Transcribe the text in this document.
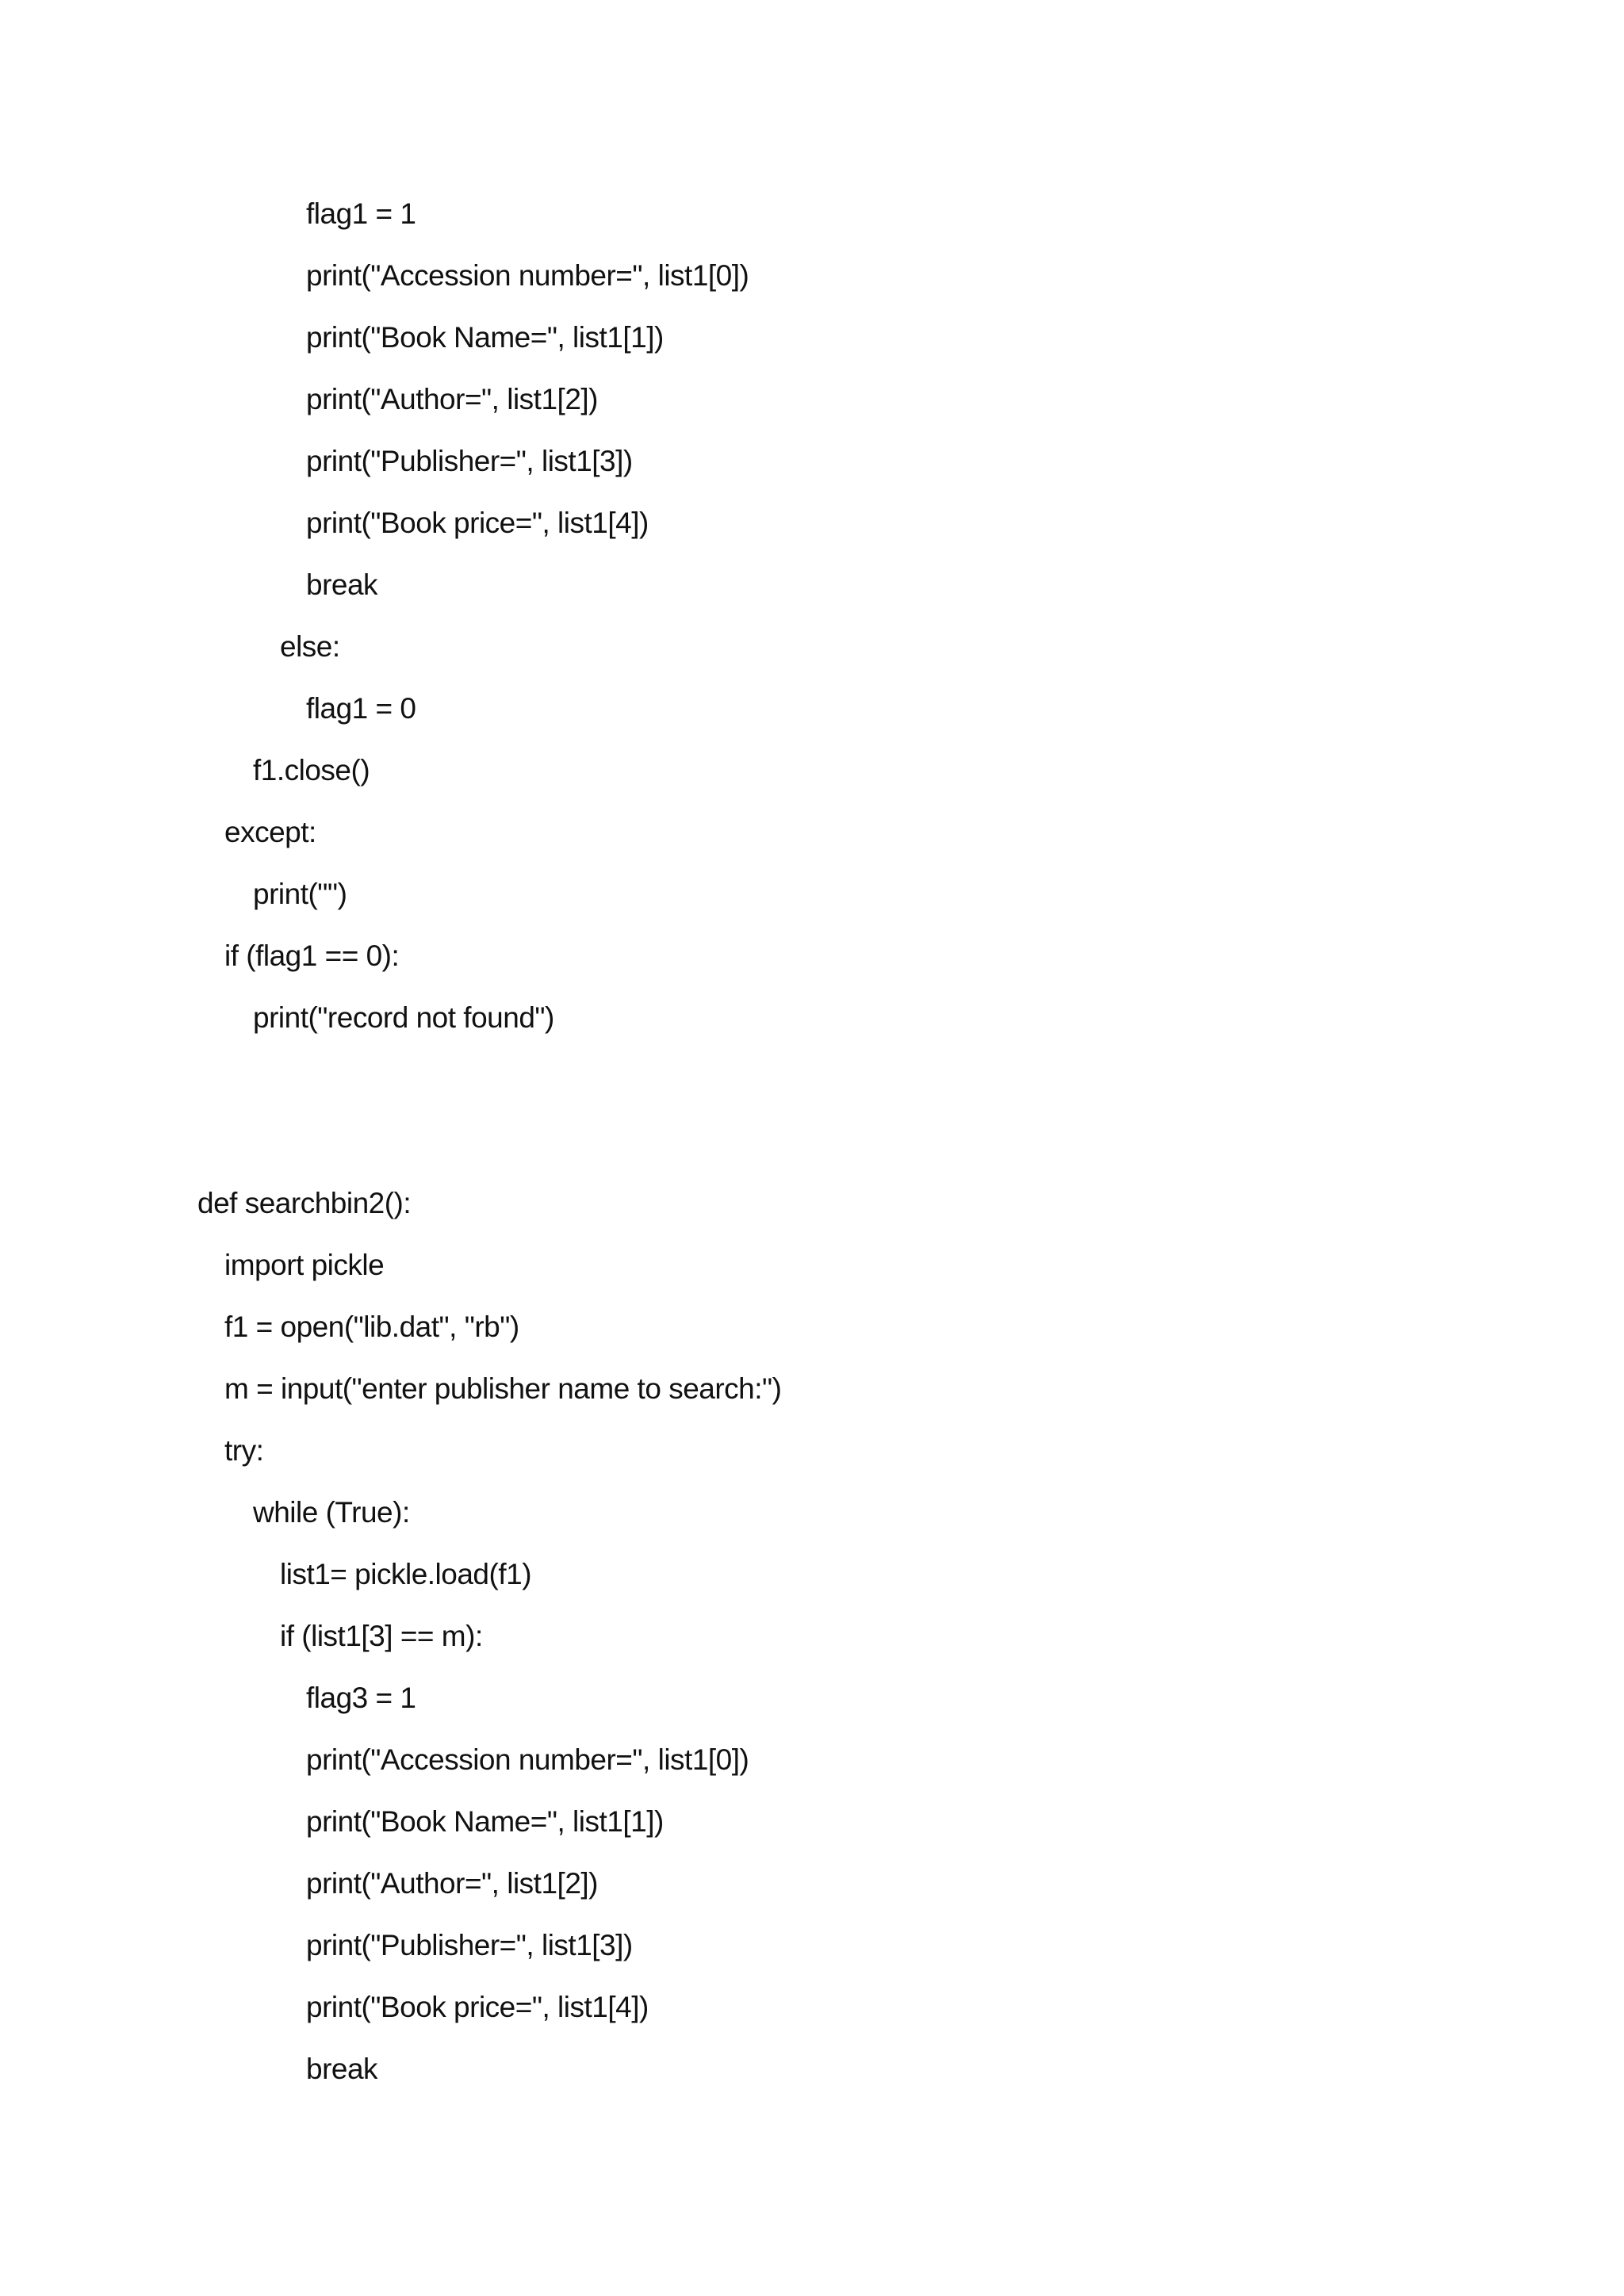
flag1 = 1
print("Accession number=", list1[0])
print("Book Name=", list1[1])
print("Author=", list1[2])
print("Publisher=", list1[3])
print("Book price=", list1[4])
break
else:
flag1 = 0
f1.close()
except:
print("")
if (flag1 == 0):
print("record not found")
def searchbin2():
import pickle
f1 = open("lib.dat", "rb")
m = input("enter publisher name to search:")
try:
while (True):
list1= pickle.load(f1)
if (list1[3] == m):
flag3 = 1
print("Accession number=", list1[0])
print("Book Name=", list1[1])
print("Author=", list1[2])
print("Publisher=", list1[3])
print("Book price=", list1[4])
break
